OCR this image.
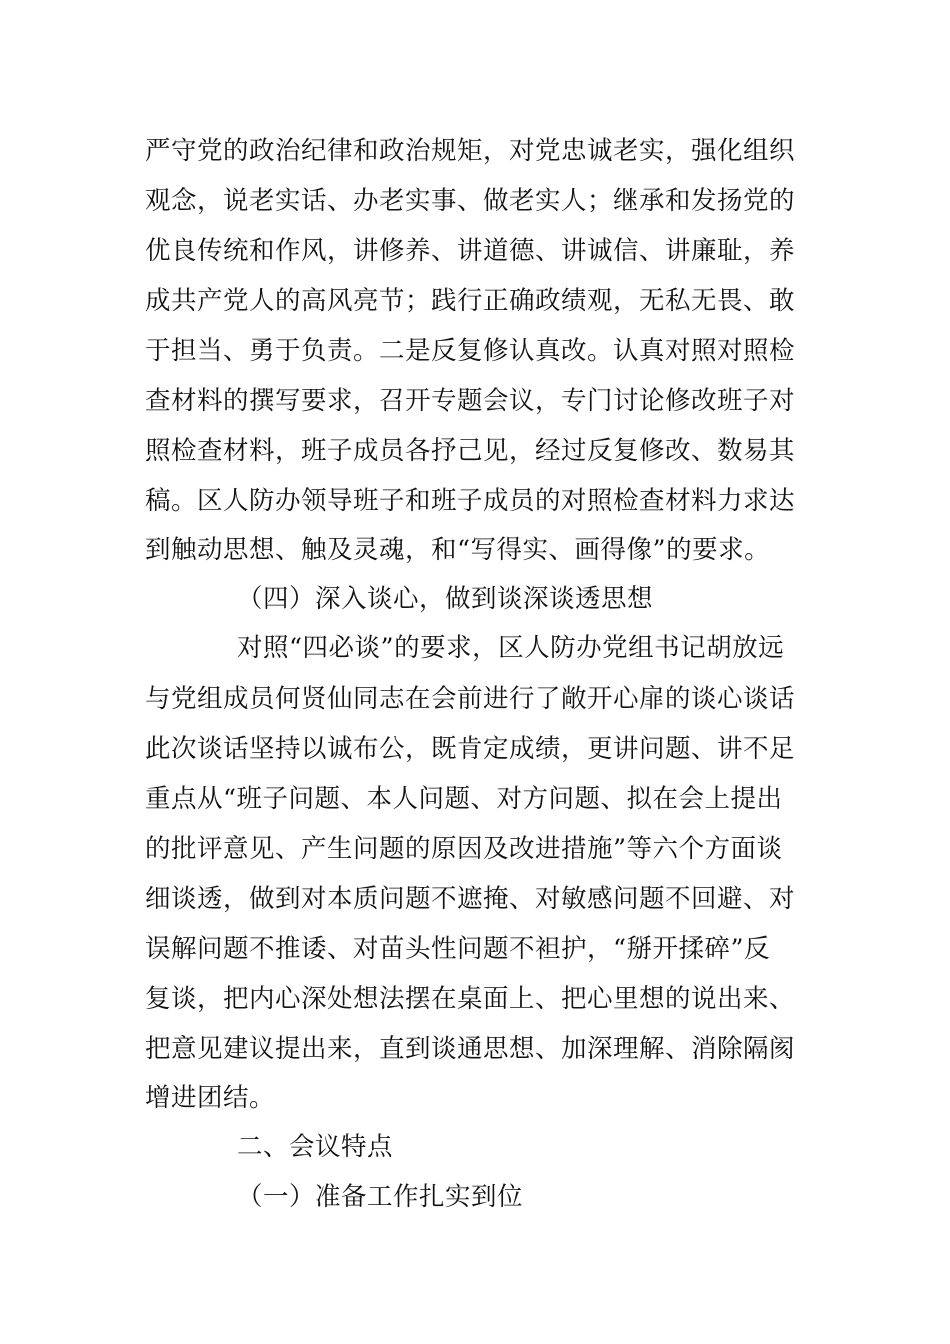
严守党的政治纪律和政治规矩，对党忠诚老实，强化组织
观念，说老实话、办老实事、做老实人；继承和发扬党的
优良传统和作风，讲修养、讲道德、讲诚信、讲廉耻，养
成共产党人的高风亮节；践行正确政绩观，无私无畏、敢
于担当、勇于负责。二是反复修认真改。认真对照对照检
查材料的撰写要求，召开专题会议，专门讨论修改班子对
照检查材料，班子成员各抒己见，经过反复修改、数易其
稿。区人防办领导班子和班子成员的对照检查材料力求达
到触动思想、触及灵魂，和“写得实、画得像”的要求。
（四）深入谈心，做到谈深谈透思想
对照“四必谈”的要求，区人防办党组书记胡放远
与党组成员何贤仙同志在会前进行了敞开心扉的谈心谈话
此次谈话坚持以诚布公，既肯定成绩，更讲问题、讲不足
重点从“班子问题、本人问题、对方问题、拟在会上提出
的批评意见、产生问题的原因及改进措施”等六个方面谈
细谈透，做到对本质问题不遮掩、对敏感问题不回避、对
误解问题不推诿、对苗头性问题不袒护，“掰开揉碎”反
复谈，把内心深处想法摆在桌面上、把心里想的说出来、
把意见建议提出来，直到谈通思想、加深理解、消除隔阂
增进团结。
二、会议特点
（一）准备工作扎实到位
